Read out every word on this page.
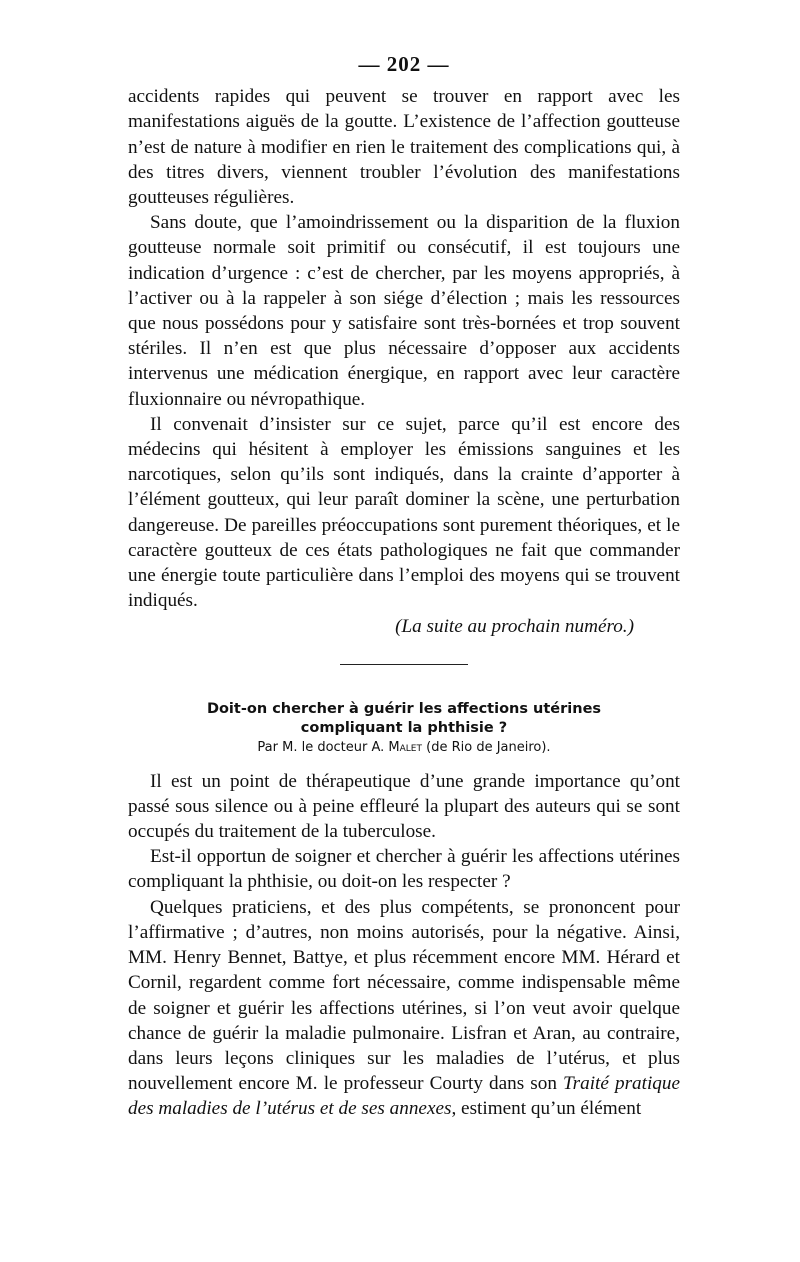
— 202 —

accidents rapides qui peuvent se trouver en rapport avec les manifestations aiguës de la goutte. L’existence de l’affection goutteuse n’est de nature à modifier en rien le traitement des complications qui, à des titres divers, viennent troubler l’évolution des manifestations goutteuses régulières.

Sans doute, que l’amoindrissement ou la disparition de la fluxion goutteuse normale soit primitif ou consécutif, il est toujours une indication d’urgence : c’est de chercher, par les moyens appropriés, à l’activer ou à la rappeler à son siége d’élection ; mais les ressources que nous possédons pour y satisfaire sont très-bornées et trop souvent stériles. Il n’en est que plus nécessaire d’opposer aux accidents intervenus une médication énergique, en rapport avec leur caractère fluxionnaire ou névropathique.

Il convenait d’insister sur ce sujet, parce qu’il est encore des médecins qui hésitent à employer les émissions sanguines et les narcotiques, selon qu’ils sont indiqués, dans la crainte d’apporter à l’élément goutteux, qui leur paraît dominer la scène, une perturbation dangereuse. De pareilles préoccupations sont purement théoriques, et le caractère goutteux de ces états pathologiques ne fait que commander une énergie toute particulière dans l’emploi des moyens qui se trouvent indiqués.

(La suite au prochain numéro.)
Doit-on chercher à guérir les affections utérines
compliquant la phthisie ?
Par M. le docteur A. Malet (de Rio de Janeiro).

Il est un point de thérapeutique d’une grande importance qu’ont passé sous silence ou à peine effleuré la plupart des auteurs qui se sont occupés du traitement de la tuberculose.

Est-il opportun de soigner et chercher à guérir les affections utérines compliquant la phthisie, ou doit-on les respecter ?

Quelques praticiens, et des plus compétents, se prononcent pour l’affirmative ; d’autres, non moins autorisés, pour la négative. Ainsi, MM. Henry Bennet, Battye, et plus récemment encore MM. Hérard et Cornil, regardent comme fort nécessaire, comme indispensable même de soigner et guérir les affections utérines, si l’on veut avoir quelque chance de guérir la maladie pulmonaire. Lisfran et Aran, au contraire, dans leurs leçons cliniques sur les maladies de l’utérus, et plus nouvellement encore M. le professeur Courty dans son Traité pratique des maladies de l’utérus et de ses annexes, estiment qu’un élément
